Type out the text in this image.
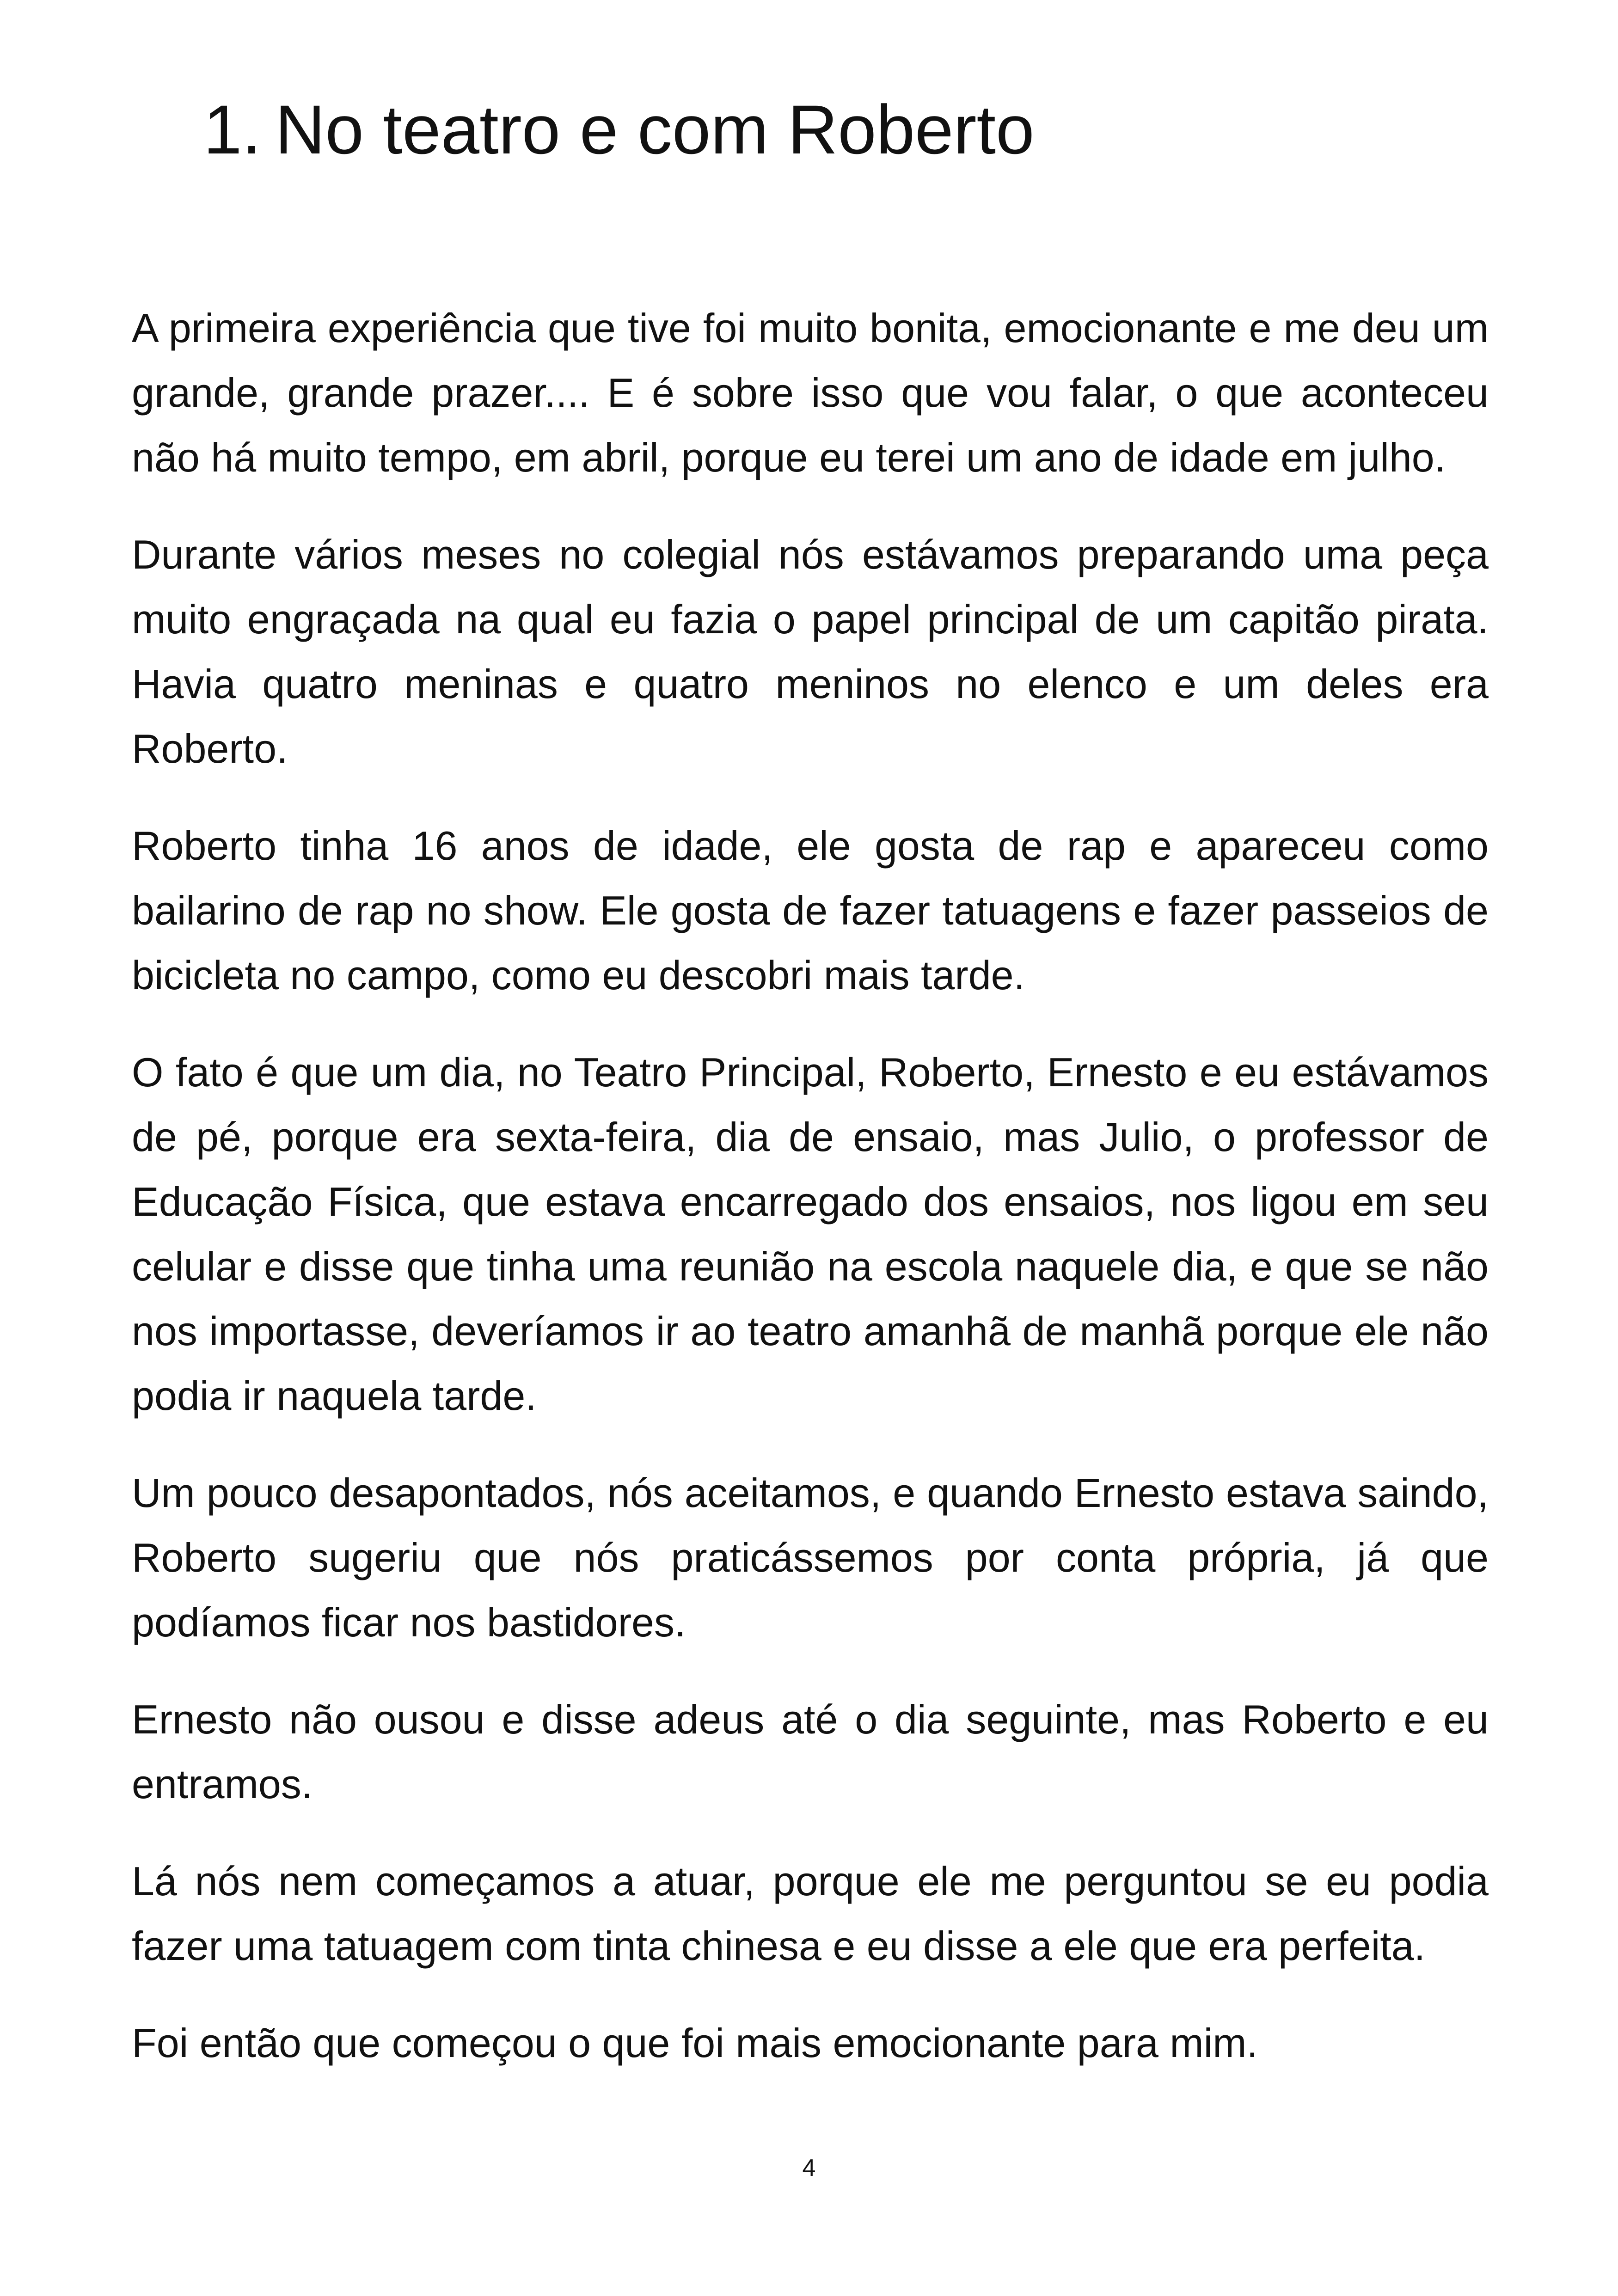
1. No teatro e com Roberto

A primeira experiência que tive foi muito bonita, emocionante e me deu um grande, grande prazer.... E é sobre isso que vou falar, o que aconteceu não há muito tempo, em abril, porque eu terei um ano de idade em julho.

Durante vários meses no colegial nós estávamos preparando uma peça muito engraçada na qual eu fazia o papel principal de um capitão pirata. Havia quatro meninas e quatro meninos no elenco e um deles era Roberto.

Roberto tinha 16 anos de idade, ele gosta de rap e apareceu como bailarino de rap no show. Ele gosta de fazer tatuagens e fazer passeios de bicicleta no campo, como eu descobri mais tarde.

O fato é que um dia, no Teatro Principal, Roberto, Ernesto e eu estávamos de pé, porque era sexta-feira, dia de ensaio, mas Julio, o professor de Educação Física, que estava encarregado dos ensaios, nos ligou em seu celular e disse que tinha uma reunião na escola naquele dia, e que se não nos importasse, deveríamos ir ao teatro amanhã de manhã porque ele não podia ir naquela tarde.

Um pouco desapontados, nós aceitamos, e quando Ernesto estava saindo, Roberto sugeriu que nós praticássemos por conta própria, já que podíamos ficar nos bastidores.

Ernesto não ousou e disse adeus até o dia seguinte, mas Roberto e eu entramos.

Lá nós nem começamos a atuar, porque ele me perguntou se eu podia fazer uma tatuagem com tinta chinesa e eu disse a ele que era perfeita.

Foi então que começou o que foi mais emocionante para mim.

4
